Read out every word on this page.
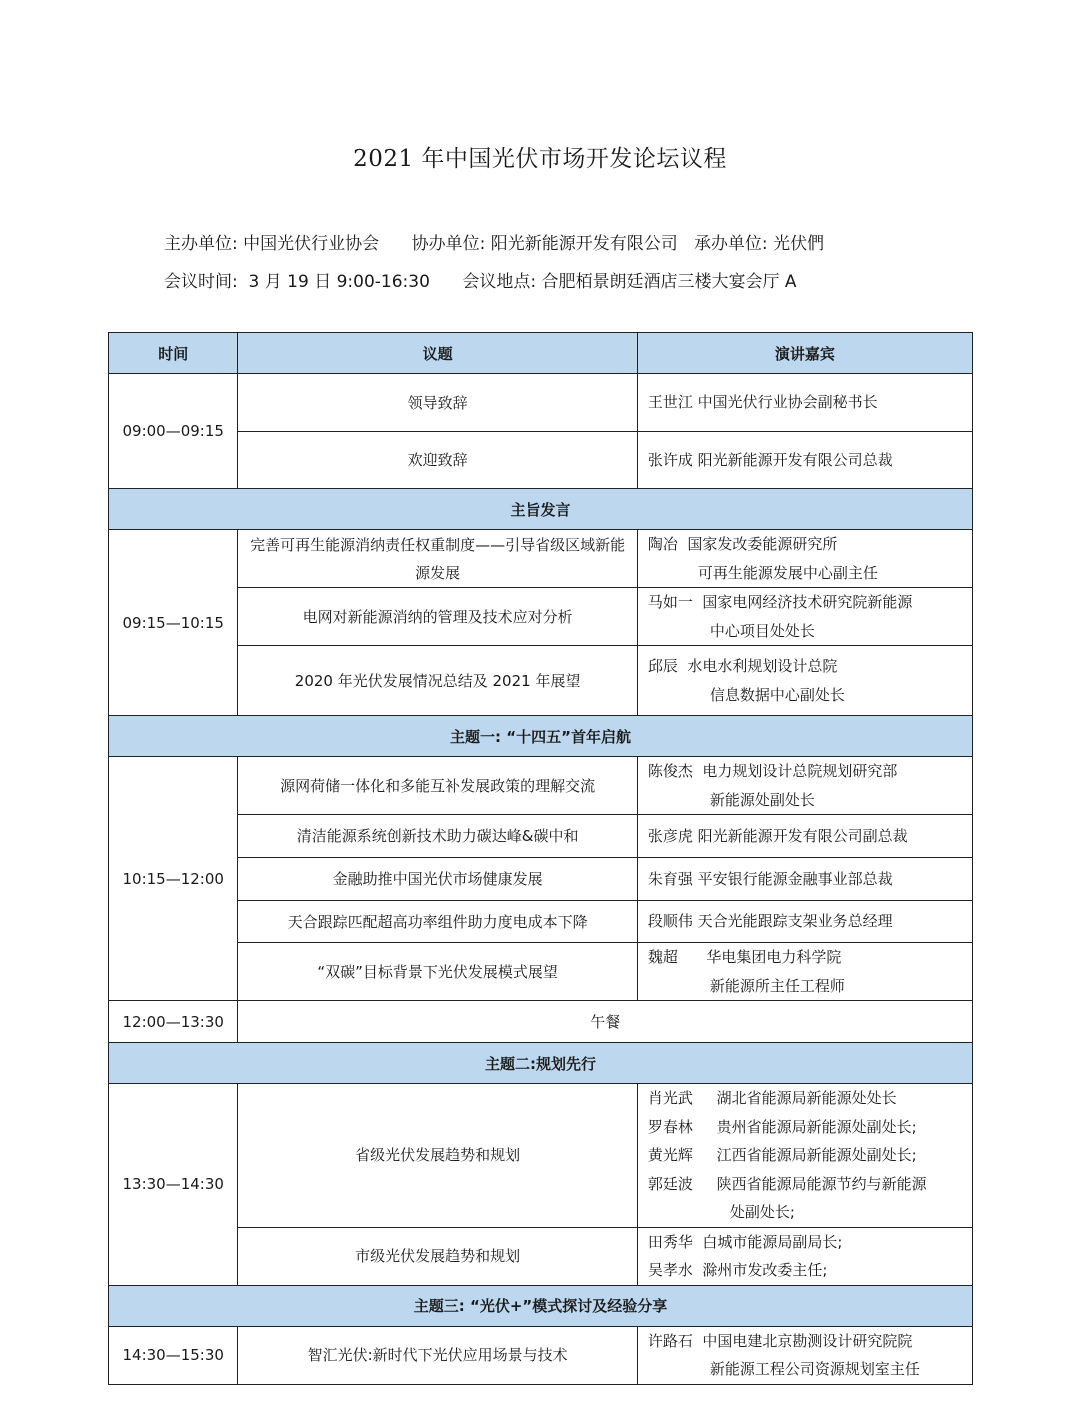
2021 年中国光伏市场开发论坛议程
主办单位: 中国光伏行业协会 协办单位: 阳光新能源开发有限公司 承办单位: 光伏們
会议时间: 3 月 19 日 9:00-16:30 会议地点: 合肥栢景朗廷酒店三楼大宴会厅 A
时间	议题	演讲嘉宾
09:00—09:15	领导致辞	王世江 中国光伏行业协会副秘书长
	欢迎致辞	张许成 阳光新能源开发有限公司总裁
主旨发言		
09:15—10:15	完善可再生能源消纳责任权重制度——引导省级区域新能源发展	陶冶  国家发改委能源研究所
可再生能源发展中心副主任

	电网对新能源消纳的管理及技术应对分析	马如一  国家电网经济技术研究院新能源
中心项目处处长

	2020 年光伏发展情况总结及 2021 年展望	邱辰  水电水利规划设计总院
信息数据中心副处长

主题一: “十四五”首年启航		
10:15—12:00	源网荷储一体化和多能互补发展政策的理解交流	陈俊杰  电力规划设计总院规划研究部
新能源处副处长

	清洁能源系统创新技术助力碳达峰&碳中和	张彦虎 阳光新能源开发有限公司副总裁
	金融助推中国光伏市场健康发展	朱育强 平安银行能源金融事业部总裁
	天合跟踪匹配超高功率组件助力度电成本下降	段顺伟 天合光能跟踪支架业务总经理
	“双碳”目标背景下光伏发展模式展望	魏超      华电集团电力科学院
新能源所主任工程师

12:00—13:30	午餐	
主题二:规划先行		
13:30—14:30	省级光伏发展趋势和规划	肖光武     湖北省能源局新能源处处长
罗春林     贵州省能源局新能源处副处长;
黄光辉     江西省能源局新能源处副处长;
郭廷波     陕西省能源局能源节约与新能源
处副处长;

	市级光伏发展趋势和规划	田秀华  白城市能源局副局长;
吴孝水  滁州市发改委主任;

主题三: “光伏+”模式探讨及经验分享		
14:30—15:30	智汇光伏:新时代下光伏应用场景与技术	许路石  中国电建北京勘测设计研究院院
新能源工程公司资源规划室主任
